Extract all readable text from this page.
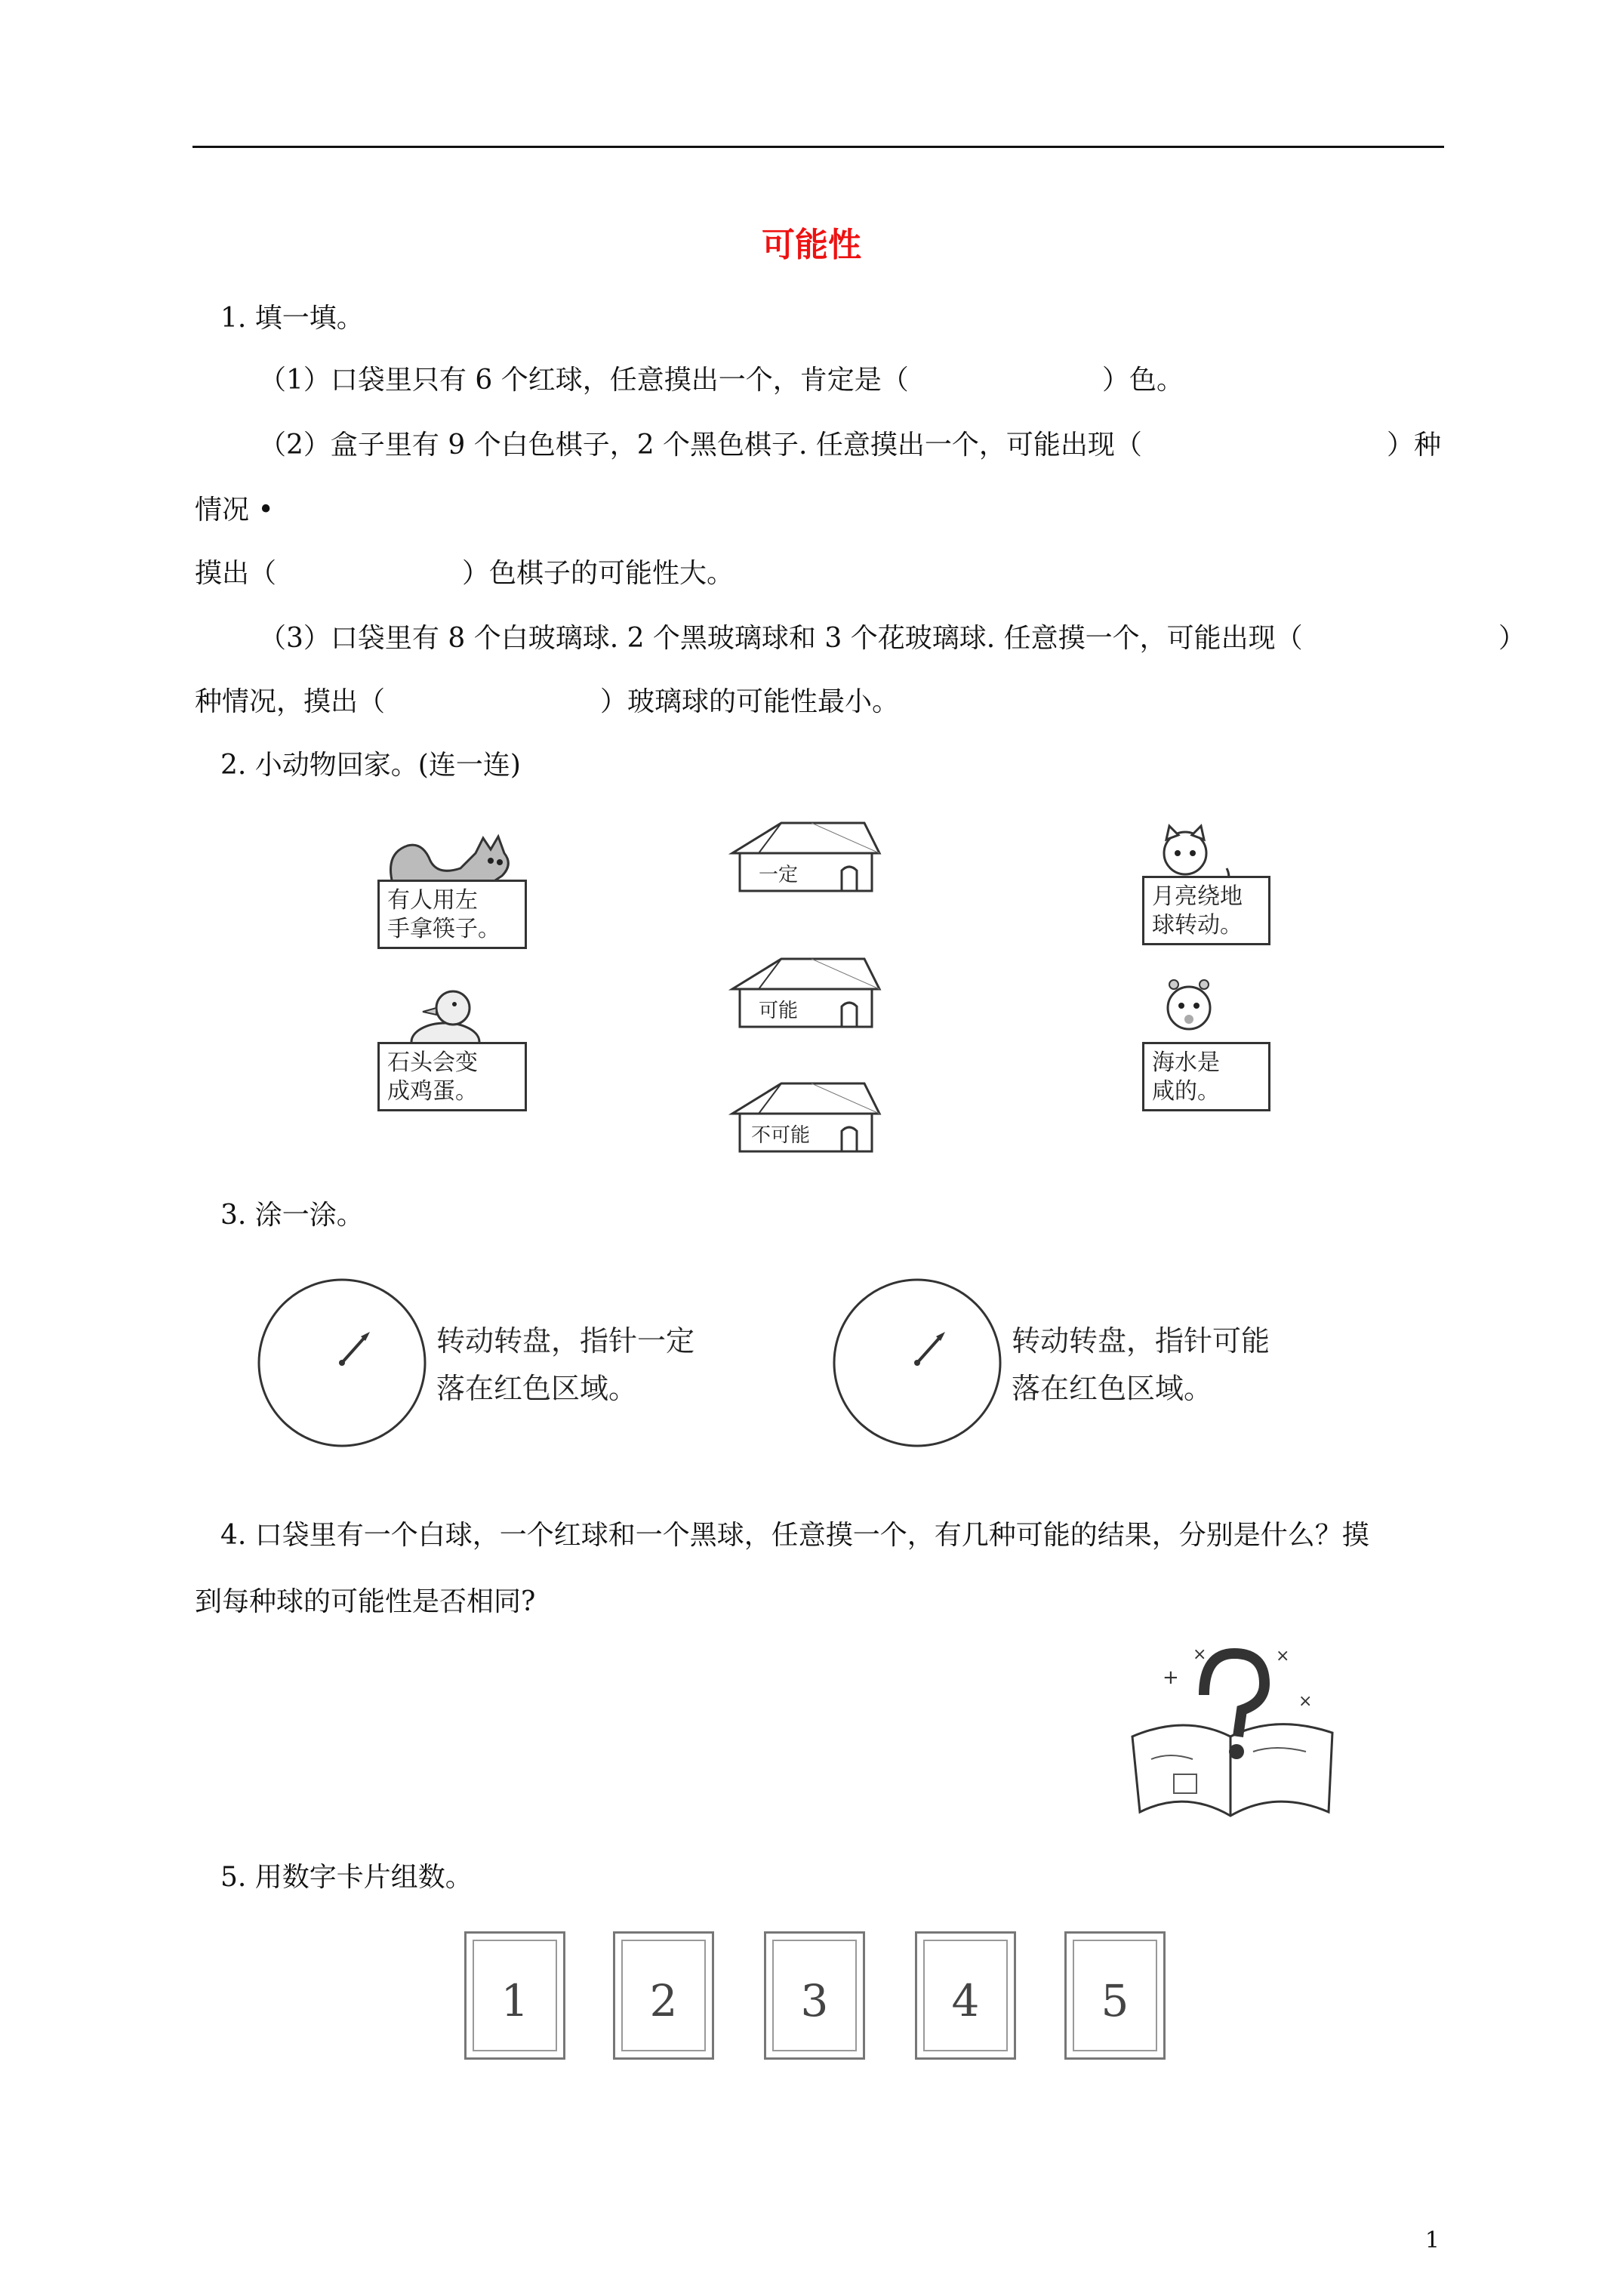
可能性
1. 填一填。
（1）口袋里只有 6 个红球，任意摸出一个，肯定是（	）色。
（2）盒子里有 9 个白色棋子，2 个黑色棋子. 任意摸出一个，可能出现（	）种
情况 •
摸出（	）色棋子的可能性大。
（3）口袋里有 8 个白玻璃球. 2 个黑玻璃球和 3 个花玻璃球. 任意摸一个，可能出现（	）
种情况，摸出（	）玻璃球的可能性最小。
2. 小动物回家。(连一连)
有人用左
手拿筷子。
石头会变
成鸡蛋。
一定
可能
不可能
月亮绕地
球转动。
海水是
咸的。
3. 涂一涂。
转动转盘，指针一定
落在红色区域。
转动转盘，指针可能
落在红色区域。
4. 口袋里有一个白球，一个红球和一个黑球，任意摸一个，有几种可能的结果，分别是什么？摸
到每种球的可能性是否相同?
+
×	×
×
5. 用数字卡片组数。
1	2	3	4	5
1
